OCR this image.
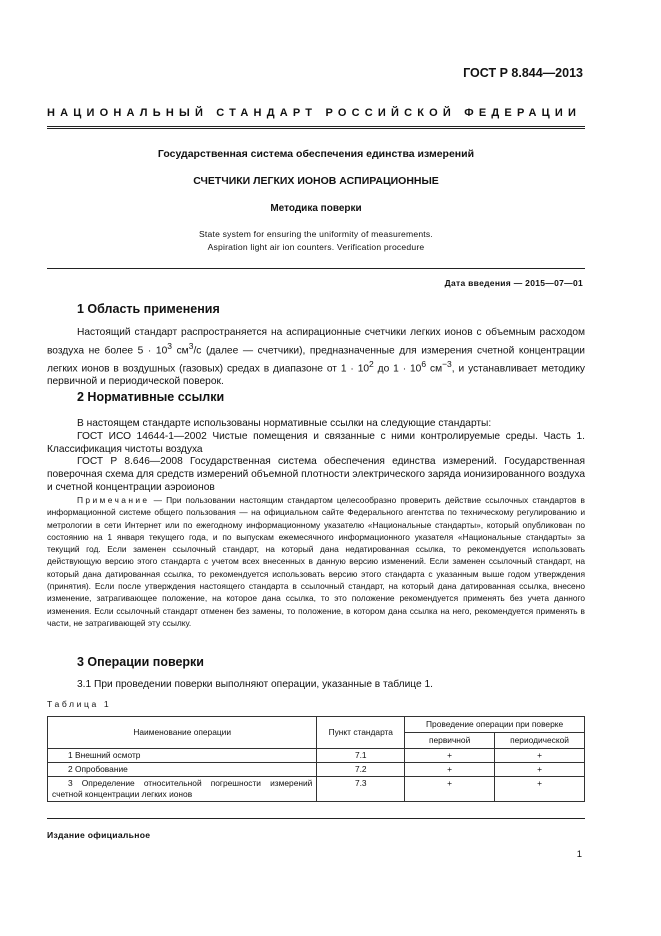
ГОСТ Р 8.844—2013
НАЦИОНАЛЬНЫЙ СТАНДАРТ РОССИЙСКОЙ ФЕДЕРАЦИИ
Государственная система обеспечения единства измерений
СЧЕТЧИКИ ЛЕГКИХ ИОНОВ АСПИРАЦИОННЫЕ
Методика поверки
State system for ensuring the uniformity of measurements.
Aspiration light air ion counters. Verification procedure
Дата введения — 2015—07—01
1 Область применения

Настоящий стандарт распространяется на аспирационные счетчики легких ионов с объемным расходом воздуха не более $5 \cdot 10^3$ $см^3/с$ (далее — счетчики), предназначенные для измерения счетной концентрации легких ионов в воздушных (газовых) средах в диапазоне от $1 \cdot 10^2$ до $1 \cdot 10^6$ $см^{-3}$, и устанавливает методику первичной и периодической поверок.

2 Нормативные ссылки

В настоящем стандарте использованы нормативные ссылки на следующие стандарты:

ГОСТ ИСО 14644-1—2002 Чистые помещения и связанные с ними контролируемые среды. Часть 1. Классификация чистоты воздуха

ГОСТ Р 8.646—2008 Государственная система обеспечения единства измерений. Государственная поверочная схема для средств измерений объемной плотности электрического заряда ионизированного воздуха и счетной концентрации аэроионов

Примечание — При пользовании настоящим стандартом целесообразно проверить действие ссылочных стандартов в информационной системе общего пользования — на официальном сайте Федерального агентства по техническому регулированию и метрологии в сети Интернет или по ежегодному информационному указателю «Национальные стандарты», который опубликован по состоянию на 1 января текущего года, и по выпускам ежемесячного информационного указателя «Национальные стандарты» за текущий год. Если заменен ссылочный стандарт, на который дана недатированная ссылка, то рекомендуется использовать действующую версию этого стандарта с учетом всех внесенных в данную версию изменений. Если заменен ссылочный стандарт, на который дана датированная ссылка, то рекомендуется использовать версию этого стандарта с указанным выше годом утверждения (принятия). Если после утверждения настоящего стандарта в ссылочный стандарт, на который дана датированная ссылка, внесено изменение, затрагивающее положение, на которое дана ссылка, то это положение рекомендуется применять без учета данного изменения. Если ссылочный стандарт отменен без замены, то положение, в котором дана ссылка на него, рекомендуется применять в части, не затрагивающей эту ссылку.
3 Операции поверки

3.1 При проведении поверки выполняют операции, указанные в таблице 1.

Таблица 1
Наименование операции	Пункт стандарта	Проведение операции при поверке	
		первичной	периодической
1 Внешний осмотр	7.1	+	+
2 Опробование	7.2	+	+
3 Определение относительной погрешности измерений счетной концентрации легких ионов	7.3	+	+
Издание официальное
1
